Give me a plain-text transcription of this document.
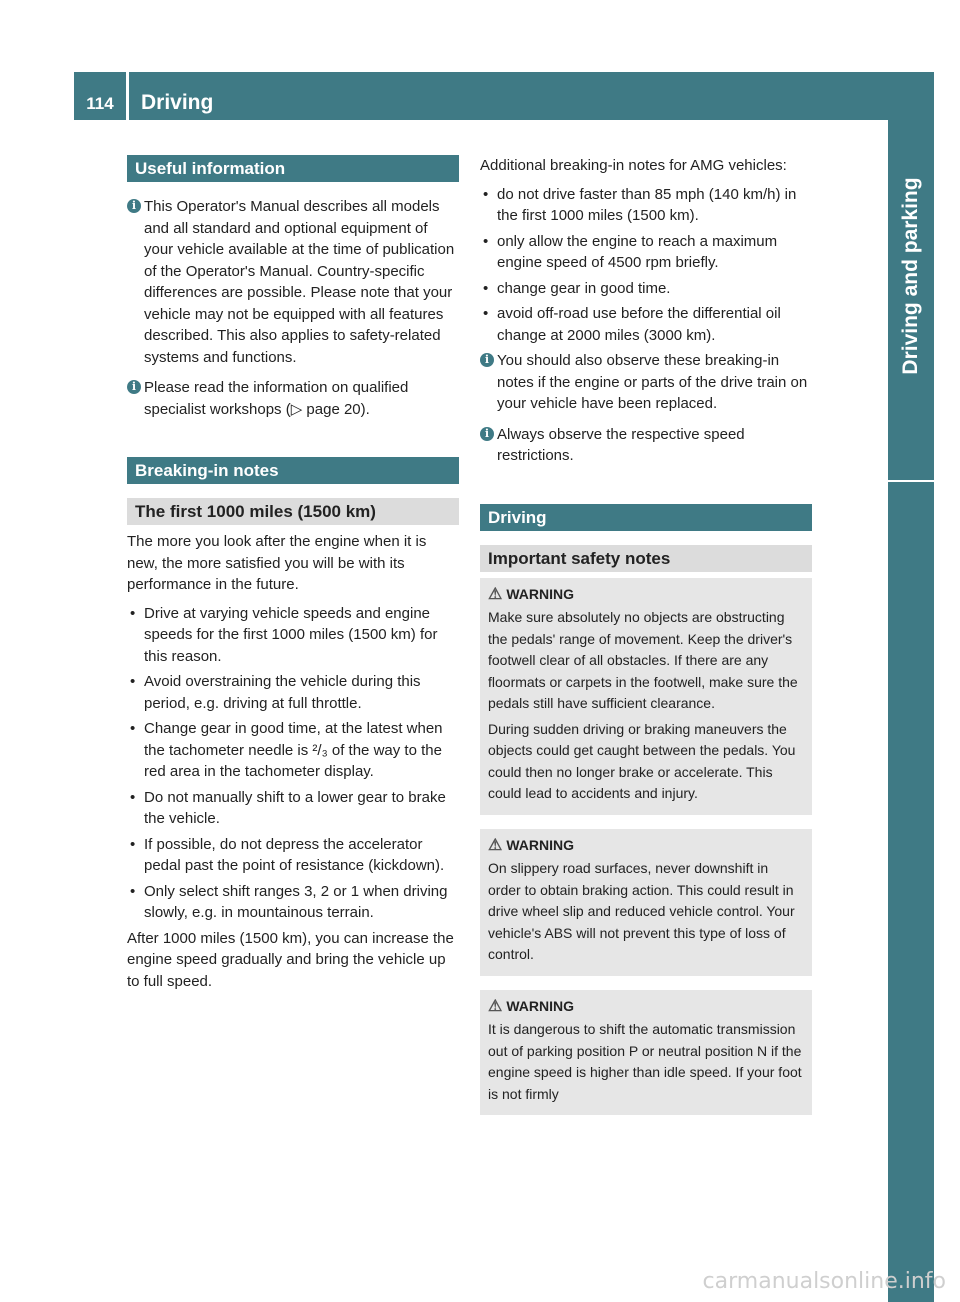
114	Driving
Driving and parking
Useful information
i This Operator's Manual describes all models and all standard and optional equipment of your vehicle available at the time of publication of the Operator's Manual. Country-specific differences are possible. Please note that your vehicle may not be equipped with all features described. This also applies to safety-related systems and functions.
i Please read the information on qualified specialist workshops (▷ page 20).
Breaking-in notes
The first 1000 miles (1500 km)

The more you look after the engine when it is new, the more satisfied you will be with its performance in the future.

• Drive at varying vehicle speeds and engine speeds for the first 1000 miles (1500 km) for this reason.
• Avoid overstraining the vehicle during this period, e.g. driving at full throttle.
• Change gear in good time, at the latest when the tachometer needle is ²/₃ of the way to the red area in the tachometer display.
• Do not manually shift to a lower gear to brake the vehicle.
• If possible, do not depress the accelerator pedal past the point of resistance (kickdown).
• Only select shift ranges 3, 2 or 1 when driving slowly, e.g. in mountainous terrain.

After 1000 miles (1500 km), you can increase the engine speed gradually and bring the vehicle up to full speed.

Additional breaking-in notes for AMG vehicles:

• do not drive faster than 85 mph (140 km/h) in the first 1000 miles (1500 km).
• only allow the engine to reach a maximum engine speed of 4500 rpm briefly.
• change gear in good time.
• avoid off-road use before the differential oil change at 2000 miles (3000 km).
i You should also observe these breaking-in notes if the engine or parts of the drive train on your vehicle have been replaced.
i Always observe the respective speed restrictions.
Driving
Important safety notes
⚠ WARNING

Make sure absolutely no objects are obstructing the pedals' range of movement. Keep the driver's footwell clear of all obstacles. If there are any floormats or carpets in the footwell, make sure the pedals still have sufficient clearance.

During sudden driving or braking maneuvers the objects could get caught between the pedals. You could then no longer brake or accelerate. This could lead to accidents and injury.

⚠ WARNING

On slippery road surfaces, never downshift in order to obtain braking action. This could result in drive wheel slip and reduced vehicle control. Your vehicle's ABS will not prevent this type of loss of control.

⚠ WARNING

It is dangerous to shift the automatic transmission out of parking position P or neutral position N if the engine speed is higher than idle speed. If your foot is not firmly

carmanualsonline.info
